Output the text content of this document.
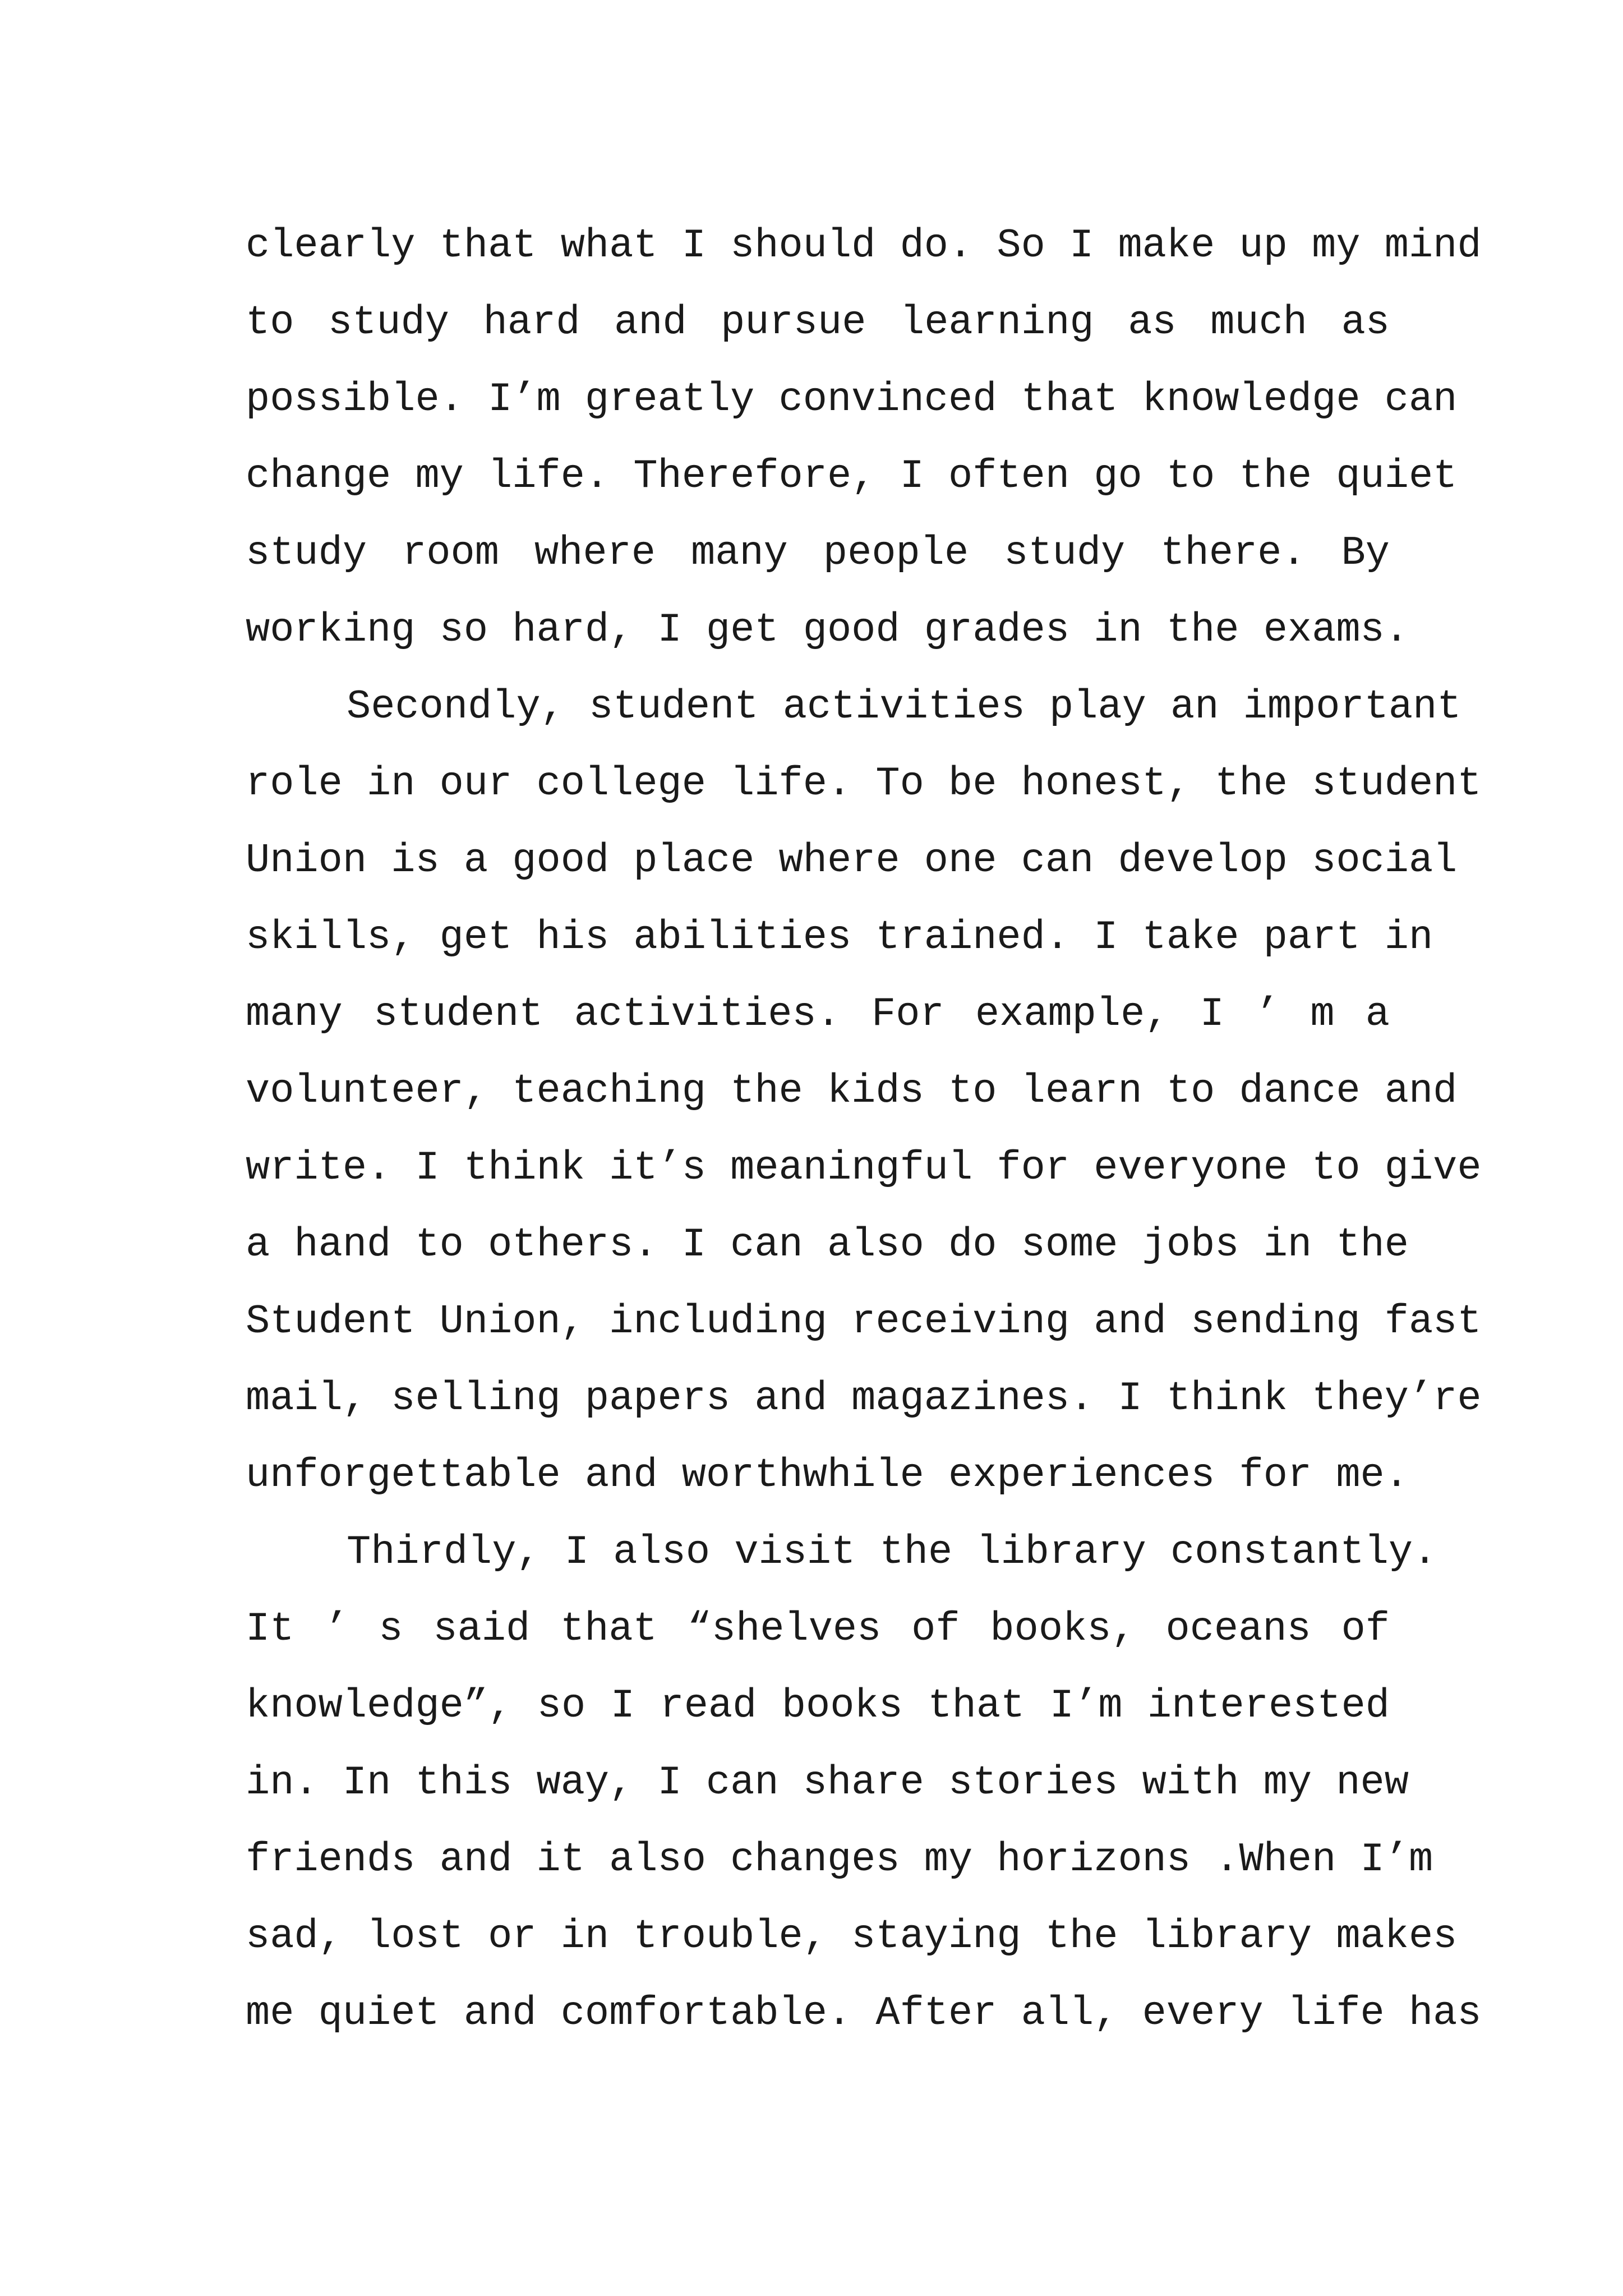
clearly that what I should do. So I make up my mind
to study hard and pursue learning as much as
possible. I’m greatly convinced that knowledge can
change my life. Therefore, I often go to the quiet
study room where many people study there. By
working so hard, I get good grades in the exams.
Secondly, student activities play an important
role in our college life. To be honest, the student
Union is a good place where one can develop social
skills, get his abilities trained. I take part in
many student activities. For example, I ’ m a
volunteer, teaching the kids to learn to dance and
write. I think it’s meaningful for everyone to give
a hand to others. I can also do some jobs in the
Student Union, including receiving and sending fast
mail, selling papers and magazines. I think they’re
unforgettable and worthwhile experiences for me.
Thirdly, I also visit the library constantly.
It ’ s said that “shelves of books, oceans of
knowledge”, so I read books that I’m interested
in. In this way, I can share stories with my new
friends and it also changes my horizons .When I’m
sad, lost or in trouble, staying the library makes
me quiet and comfortable. After all, every life has
